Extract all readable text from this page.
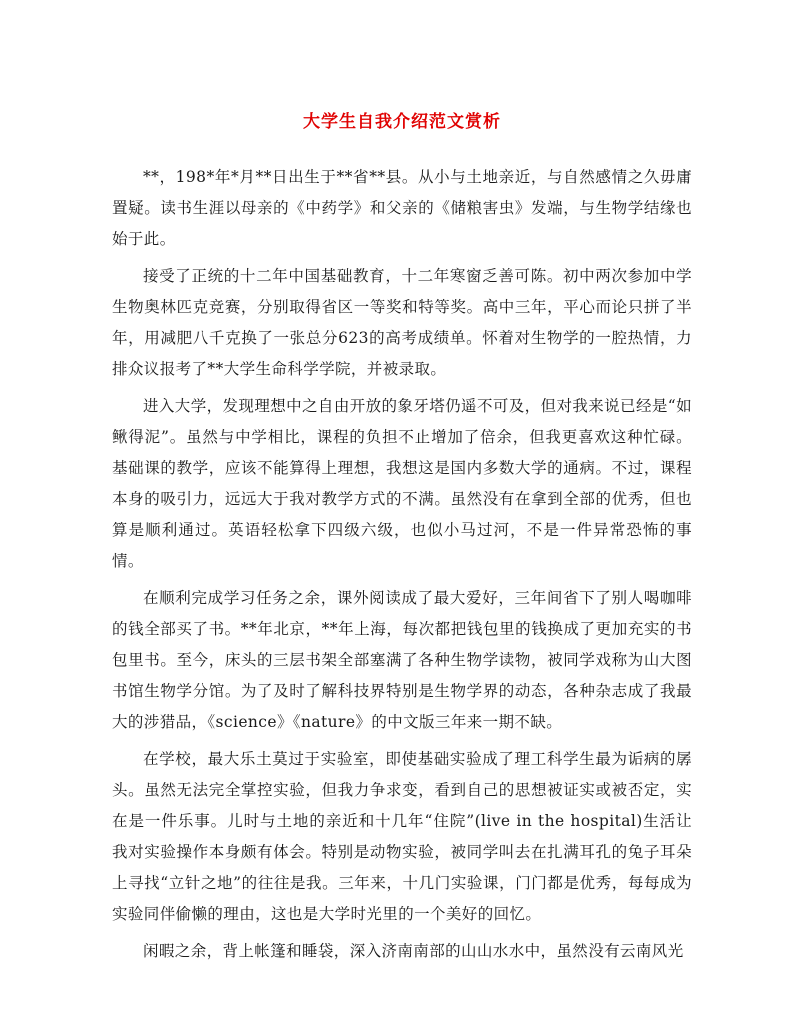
大学生自我介绍范文赏析

**，198*年*月**日出生于**省**县。从小与土地亲近，与自然感情之久毋庸置疑。读书生涯以母亲的《中药学》和父亲的《储粮害虫》发端，与生物学结缘也始于此。

接受了正统的十二年中国基础教育，十二年寒窗乏善可陈。初中两次参加中学生物奥林匹克竞赛，分别取得省区一等奖和特等奖。高中三年，平心而论只拼了半年，用减肥八千克换了一张总分623的高考成绩单。怀着对生物学的一腔热情，力排众议报考了**大学生命科学学院，并被录取。

进入大学，发现理想中之自由开放的象牙塔仍遥不可及，但对我来说已经是“如鳅得泥”。虽然与中学相比，课程的负担不止增加了倍余，但我更喜欢这种忙碌。基础课的教学，应该不能算得上理想，我想这是国内多数大学的通病。不过，课程本身的吸引力，远远大于我对教学方式的不满。虽然没有在拿到全部的优秀，但也算是顺利通过。英语轻松拿下四级六级，也似小马过河，不是一件异常恐怖的事情。

在顺利完成学习任务之余，课外阅读成了最大爱好，三年间省下了别人喝咖啡的钱全部买了书。**年北京，**年上海，每次都把钱包里的钱换成了更加充实的书包里书。至今，床头的三层书架全部塞满了各种生物学读物，被同学戏称为山大图书馆生物学分馆。为了及时了解科技界特别是生物学界的动态，各种杂志成了我最大的涉猎品，《science》《nature》的中文版三年来一期不缺。

在学校，最大乐土莫过于实验室，即使基础实验成了理工科学生最为诟病的孱头。虽然无法完全掌控实验，但我力争求变，看到自己的思想被证实或被否定，实在是一件乐事。儿时与土地的亲近和十几年“住院”(live in the hospital)生活让我对实验操作本身颇有体会。特别是动物实验，被同学叫去在扎满耳孔的兔子耳朵上寻找“立针之地”的往往是我。三年来，十几门实验课，门门都是优秀，每每成为实验同伴偷懒的理由，这也是大学时光里的一个美好的回忆。

闲暇之余，背上帐篷和睡袋，深入济南南部的山山水水中，虽然没有云南风光
